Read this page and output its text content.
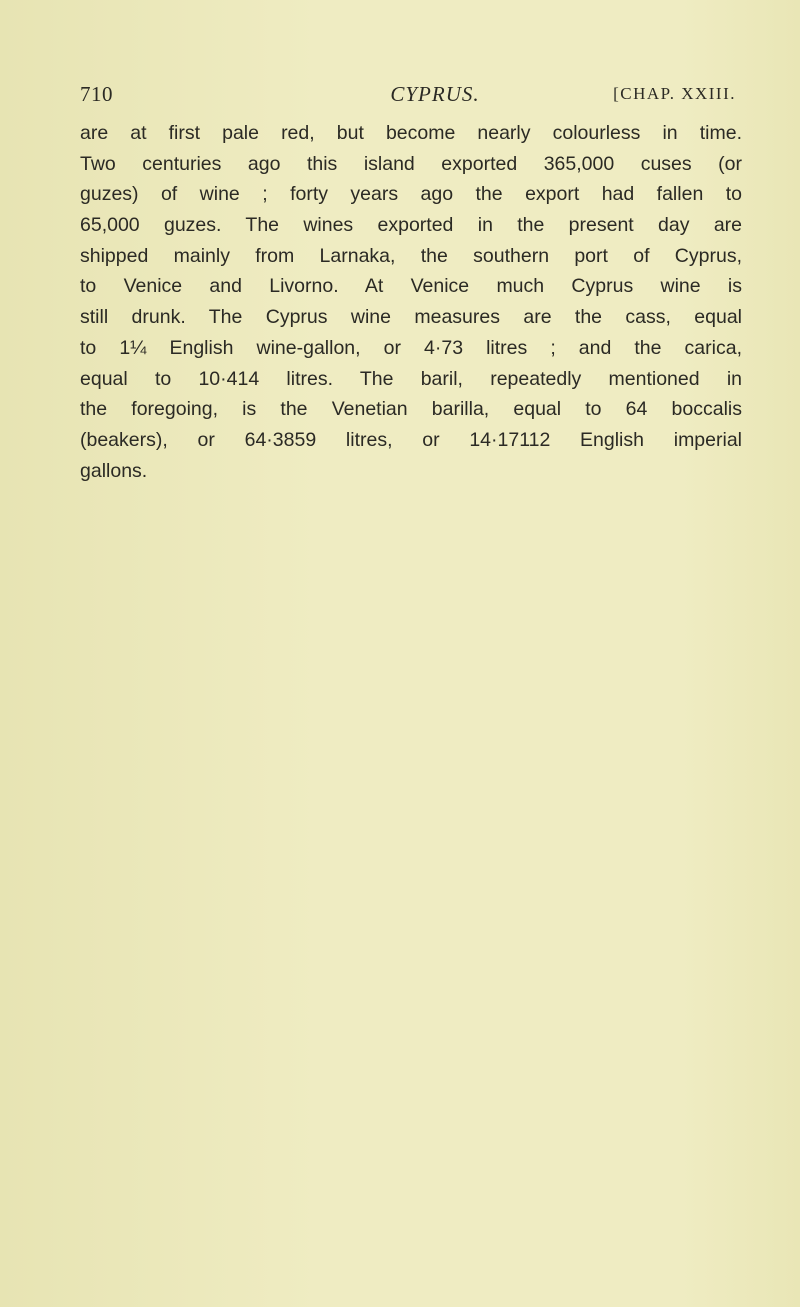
710	CYPRUS.	[CHAP. XXIII.
are at first pale red, but become nearly colourless in time.
Two centuries ago this island exported 365,000 cuses (or
guzes) of wine ; forty years ago the export had fallen to
65,000 guzes. The wines exported in the present day are
shipped mainly from Larnaka, the southern port of Cyprus,
to Venice and Livorno. At Venice much Cyprus wine is
still drunk. The Cyprus wine measures are the cass, equal
to 1¼ English wine-gallon, or 4·73 litres ; and the carica,
equal to 10·414 litres. The baril, repeatedly mentioned in
the foregoing, is the Venetian barilla, equal to 64 boccalis
(beakers), or 64·3859 litres, or 14·17112 English imperial
gallons.
